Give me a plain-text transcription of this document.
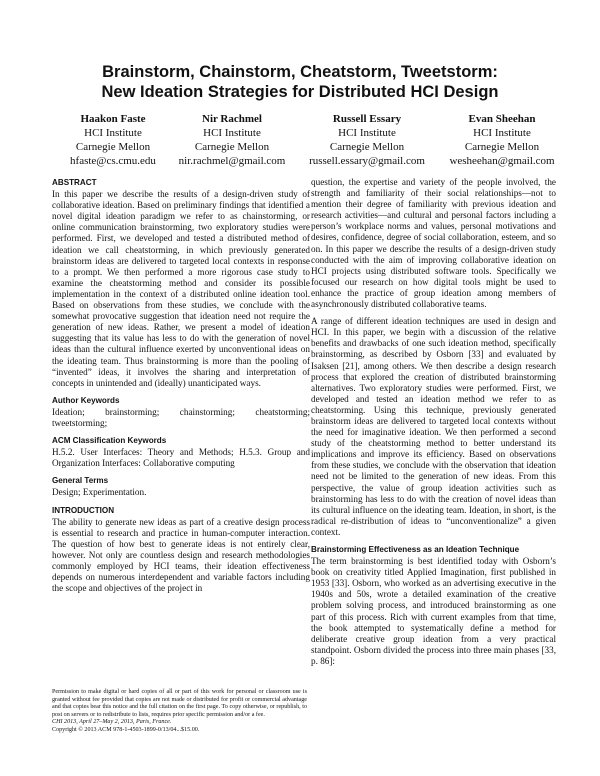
Brainstorm, Chainstorm, Cheatstorm, Tweetstorm:
New Ideation Strategies for Distributed HCI Design
Haakon Faste
HCI Institute
Carnegie Mellon
hfaste@cs.cmu.edu
Nir Rachmel
HCI Institute
Carnegie Mellon
nir.rachmel@gmail.com
Russell Essary
HCI Institute
Carnegie Mellon
russell.essary@gmail.com
Evan Sheehan
HCI Institute
Carnegie Mellon
wesheehan@gmail.com
ABSTRACT

In this paper we describe the results of a design-driven study of collaborative ideation. Based on preliminary findings that identified a novel digital ideation paradigm we refer to as chainstorming, or online communication brainstorming, two exploratory studies were performed. First, we developed and tested a distributed method of ideation we call cheatstorming, in which previously generated brainstorm ideas are delivered to targeted local contexts in response to a prompt. We then performed a more rigorous case study to examine the cheatstorming method and consider its possible implementation in the context of a distributed online ideation tool. Based on observations from these studies, we conclude with the somewhat provocative suggestion that ideation need not require the generation of new ideas. Rather, we present a model of ideation suggesting that its value has less to do with the generation of novel ideas than the cultural influence exerted by unconventional ideas on the ideating team. Thus brainstorming is more than the pooling of “invented” ideas, it involves the sharing and interpretation of concepts in unintended and (ideally) unanticipated ways.

Author Keywords

Ideation; brainstorming; chainstorming; cheatstorming; tweetstorming;

ACM Classification Keywords

H.5.2. User Interfaces: Theory and Methods; H.5.3. Group and Organization Interfaces: Collaborative computing

General Terms

Design; Experimentation.

INTRODUCTION

The ability to generate new ideas as part of a creative design process is essential to research and practice in human-computer interaction. The question of how best to generate ideas is not entirely clear, however. Not only are countless design and research methodologies commonly employed by HCI teams, their ideation effectiveness depends on numerous interdependent and variable factors including the scope and objectives of the project in

Permission to make digital or hard copies of all or part of this work for personal or classroom use is granted without fee provided that copies are not made or distributed for profit or commercial advantage and that copies bear this notice and the full citation on the first page. To copy otherwise, or republish, to post on servers or to redistribute to lists, requires prior specific permission and/or a fee.

CHI 2013, April 27–May 2, 2013, Paris, France.

Copyright © 2013 ACM 978-1-4503-1899-0/13/04...$15.00.

question, the expertise and variety of the people involved, the strength and familiarity of their social relationships—not to mention their degree of familiarity with previous ideation and research activities—and cultural and personal factors including a person’s workplace norms and values, personal motivations and desires, confidence, degree of social collaboration, esteem, and so on. In this paper we describe the results of a design-driven study conducted with the aim of improving collaborative ideation on HCI projects using distributed software tools. Specifically we focused our research on how digital tools might be used to enhance the practice of group ideation among members of asynchronously distributed collaborative teams.

A range of different ideation techniques are used in design and HCI. In this paper, we begin with a discussion of the relative benefits and drawbacks of one such ideation method, specifically brainstorming, as described by Osborn [33] and evaluated by Isaksen [21], among others. We then describe a design research process that explored the creation of distributed brainstorming alternatives. Two exploratory studies were performed. First, we developed and tested an ideation method we refer to as cheatstorming. Using this technique, previously generated brainstorm ideas are delivered to targeted local contexts without the need for imaginative ideation. We then performed a second study of the cheatstorming method to better understand its implications and improve its efficiency. Based on observations from these studies, we conclude with the observation that ideation need not be limited to the generation of new ideas. From this perspective, the value of group ideation activities such as brainstorming has less to do with the creation of novel ideas than its cultural influence on the ideating team. Ideation, in short, is the radical re-distribution of ideas to “unconventionalize” a given context.

Brainstorming Effectiveness as an Ideation Technique

The term brainstorming is best identified today with Osborn’s book on creativity titled Applied Imagination, first published in 1953 [33]. Osborn, who worked as an advertising executive in the 1940s and 50s, wrote a detailed examination of the creative problem solving process, and introduced brainstorming as one part of this process. Rich with current examples from that time, the book attempted to systematically define a method for deliberate creative group ideation from a very practical standpoint. Osborn divided the process into three main phases [33, p. 86]:
